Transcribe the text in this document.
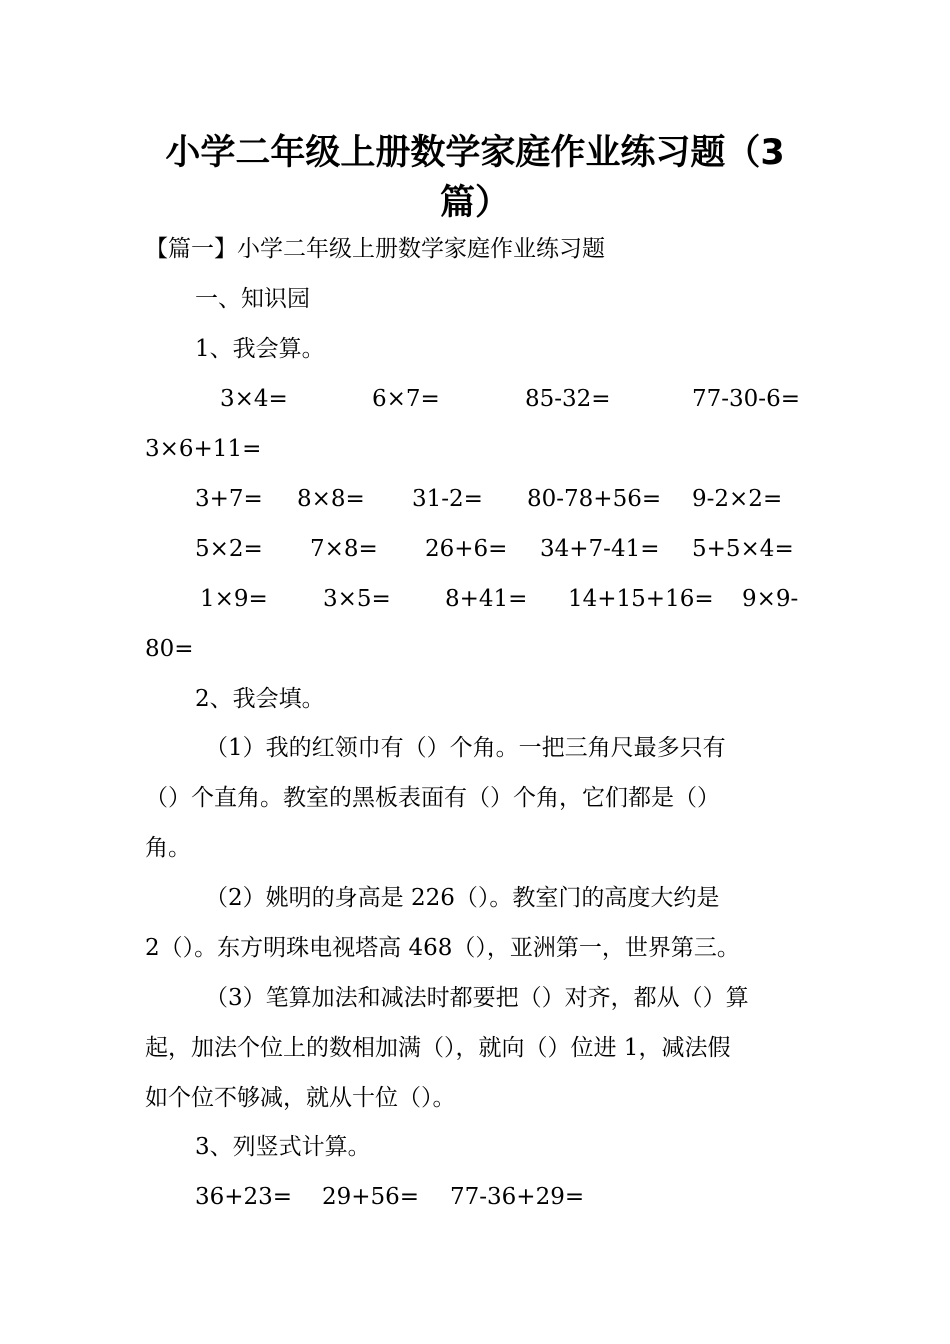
小学二年级上册数学家庭作业练习题（3
篇）
【篇一】小学二年级上册数学家庭作业练习题
一、知识园
1、我会算。
3×4=	6×7=	85-32=	77-30-6=
3×6+11=
3+7= 8×8= 31-2= 80-78+56= 9-2×2=
5×2= 7×8= 26+6= 34+7-41= 5+5×4=
1×9= 3×5= 8+41= 14+15+16= 9×9-
80=
2、我会填。
（1）我的红领巾有（）个角。一把三角尺最多只有
（）个直角。教室的黑板表面有（）个角，它们都是（）
角。
（2）姚明的身高是 226（）。教室门的高度大约是
2（）。东方明珠电视塔高 468（），亚洲第一，世界第三。
（3）笔算加法和减法时都要把（）对齐，都从（）算
起，加法个位上的数相加满（），就向（）位进 1，减法假
如个位不够减，就从十位（）。
3、列竖式计算。
36+23= 29+56= 77-36+29=
